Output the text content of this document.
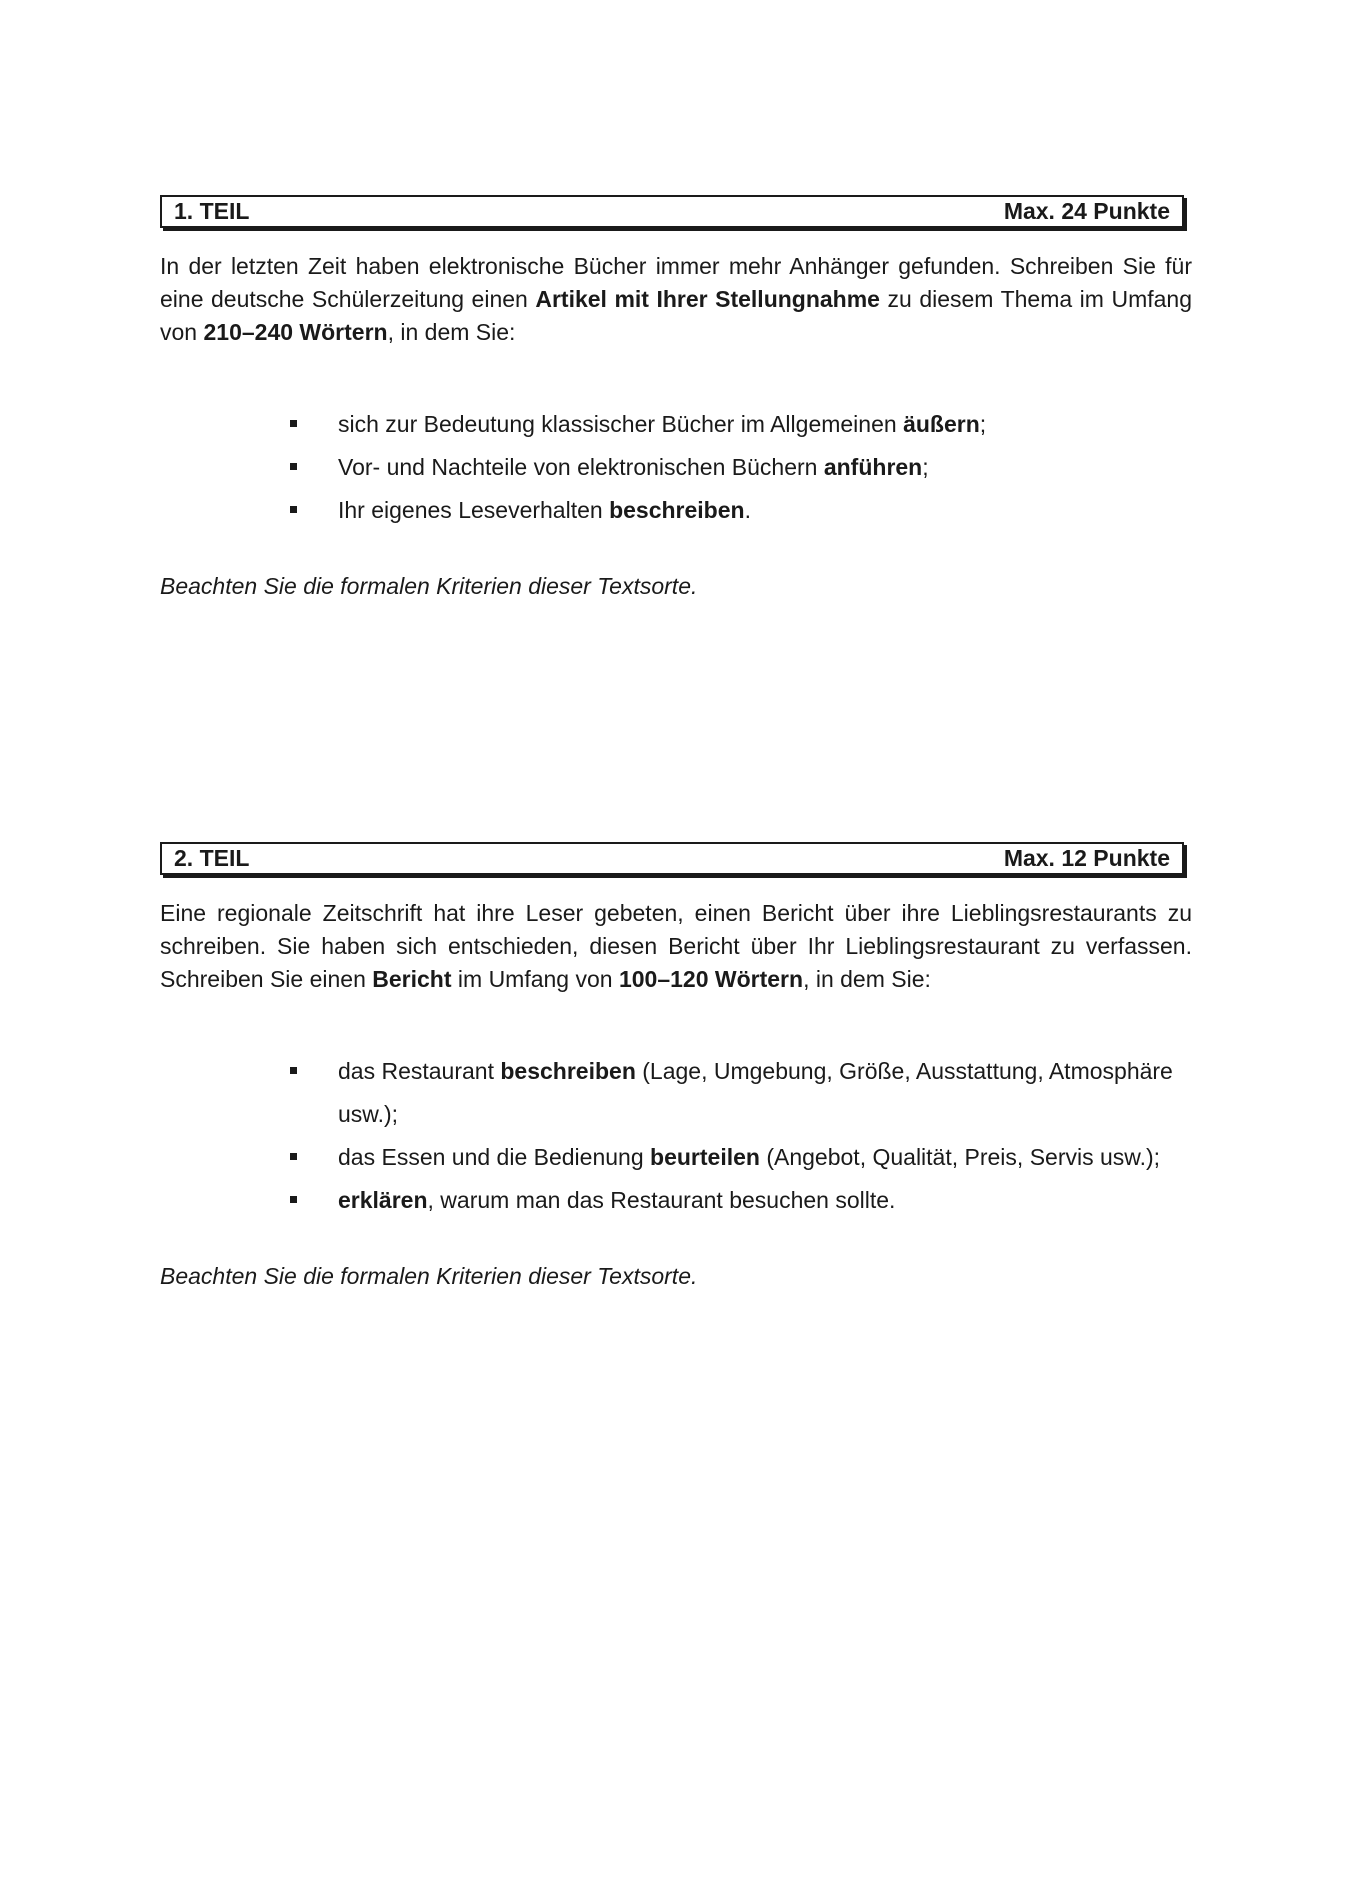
1. TEIL	Max. 24 Punkte

In der letzten Zeit haben elektronische Bücher immer mehr Anhänger gefunden. Schreiben Sie für eine deutsche Schülerzeitung einen Artikel mit Ihrer Stellungnahme zu diesem Thema im Umfang von 210–240 Wörtern, in dem Sie:

sich zur Bedeutung klassischer Bücher im Allgemeinen äußern;
Vor- und Nachteile von elektronischen Büchern anführen;
Ihr eigenes Leseverhalten beschreiben.

Beachten Sie die formalen Kriterien dieser Textsorte.

2. TEIL	Max. 12 Punkte

Eine regionale Zeitschrift hat ihre Leser gebeten, einen Bericht über ihre Lieblingsrestaurants zu schreiben. Sie haben sich entschieden, diesen Bericht über Ihr Lieblingsrestaurant zu verfassen. Schreiben Sie einen Bericht im Umfang von 100–120 Wörtern, in dem Sie:

das Restaurant beschreiben (Lage, Umgebung, Größe, Ausstattung, Atmosphäre usw.);
das Essen und die Bedienung beurteilen (Angebot, Qualität, Preis, Servis usw.);
erklären, warum man das Restaurant besuchen sollte.

Beachten Sie die formalen Kriterien dieser Textsorte.
